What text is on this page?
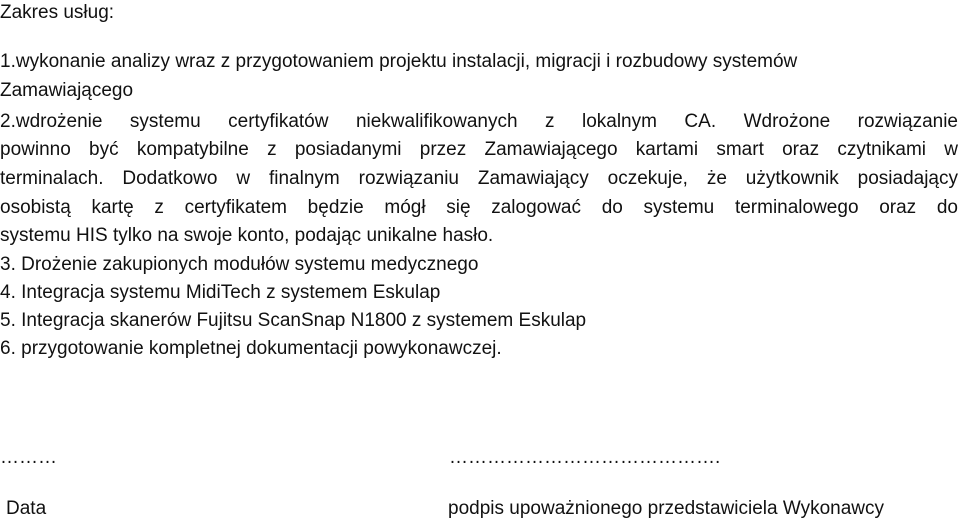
Zakres usług:
1.wykonanie analizy wraz z przygotowaniem projektu instalacji, migracji i rozbudowy systemów
Zamawiającego
2.wdrożenie systemu certyfikatów niekwalifikowanych z lokalnym CA. Wdrożone rozwiązanie
powinno być kompatybilne z posiadanymi przez Zamawiającego kartami smart oraz czytnikami w
terminalach. Dodatkowo w finalnym rozwiązaniu Zamawiający oczekuje, że użytkownik posiadający
osobistą kartę z certyfikatem będzie mógł się zalogować do systemu terminalowego oraz do
systemu HIS tylko na swoje konto, podając unikalne hasło.
3. Drożenie zakupionych modułów systemu medycznego
4. Integracja systemu MidiTech z systemem Eskulap
5. Integracja skanerów Fujitsu ScanSnap N1800 z systemem Eskulap
6. przygotowanie kompletnej dokumentacji powykonawczej.
………	…………………………………….
Data	podpis upoważnionego przedstawiciela Wykonawcy
